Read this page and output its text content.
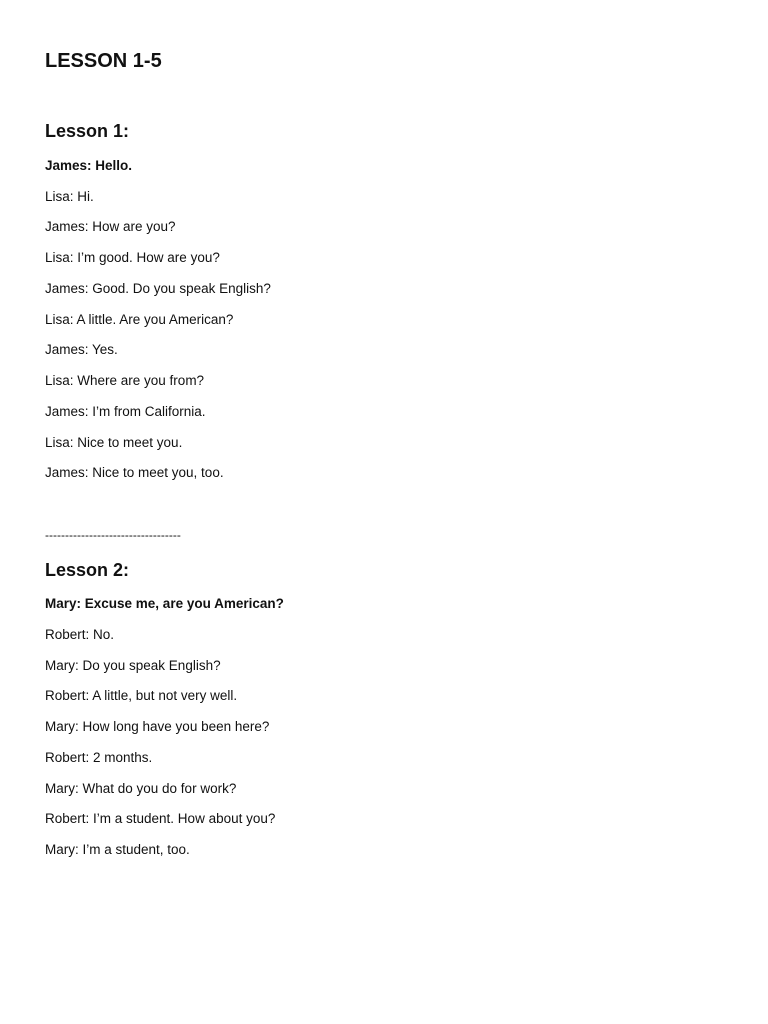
LESSON 1-5
Lesson 1:
James: Hello.
Lisa: Hi.
James: How are you?
Lisa: I’m good. How are you?
James: Good. Do you speak English?
Lisa: A little. Are you American?
James: Yes.
Lisa: Where are you from?
James: I’m from California.
Lisa: Nice to meet you.
James: Nice to meet you, too.
----------------------------------
Lesson 2:
Mary: Excuse me, are you American?
Robert: No.
Mary: Do you speak English?
Robert: A little, but not very well.
Mary: How long have you been here?
Robert: 2 months.
Mary: What do you do for work?
Robert: I’m a student. How about you?
Mary: I’m a student, too.
